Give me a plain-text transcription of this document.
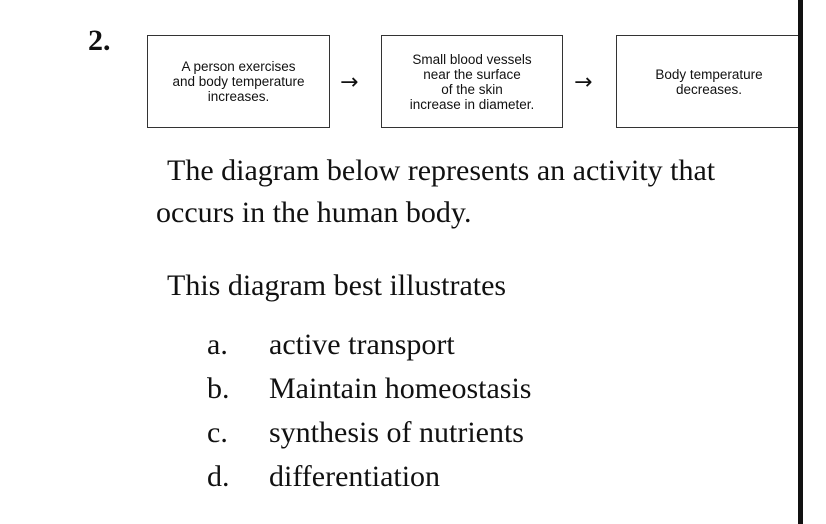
2.
A person exercises
and body temperature
increases.
→
Small blood vessels
near the surface
of the skin
increase in diameter.
→	Body temperature
decreases.
The diagram below represents an activity that
occurs in the human body.
This diagram best illustrates
a.	active transport
b.	Maintain homeostasis
c.	synthesis of nutrients
d.	differentiation
